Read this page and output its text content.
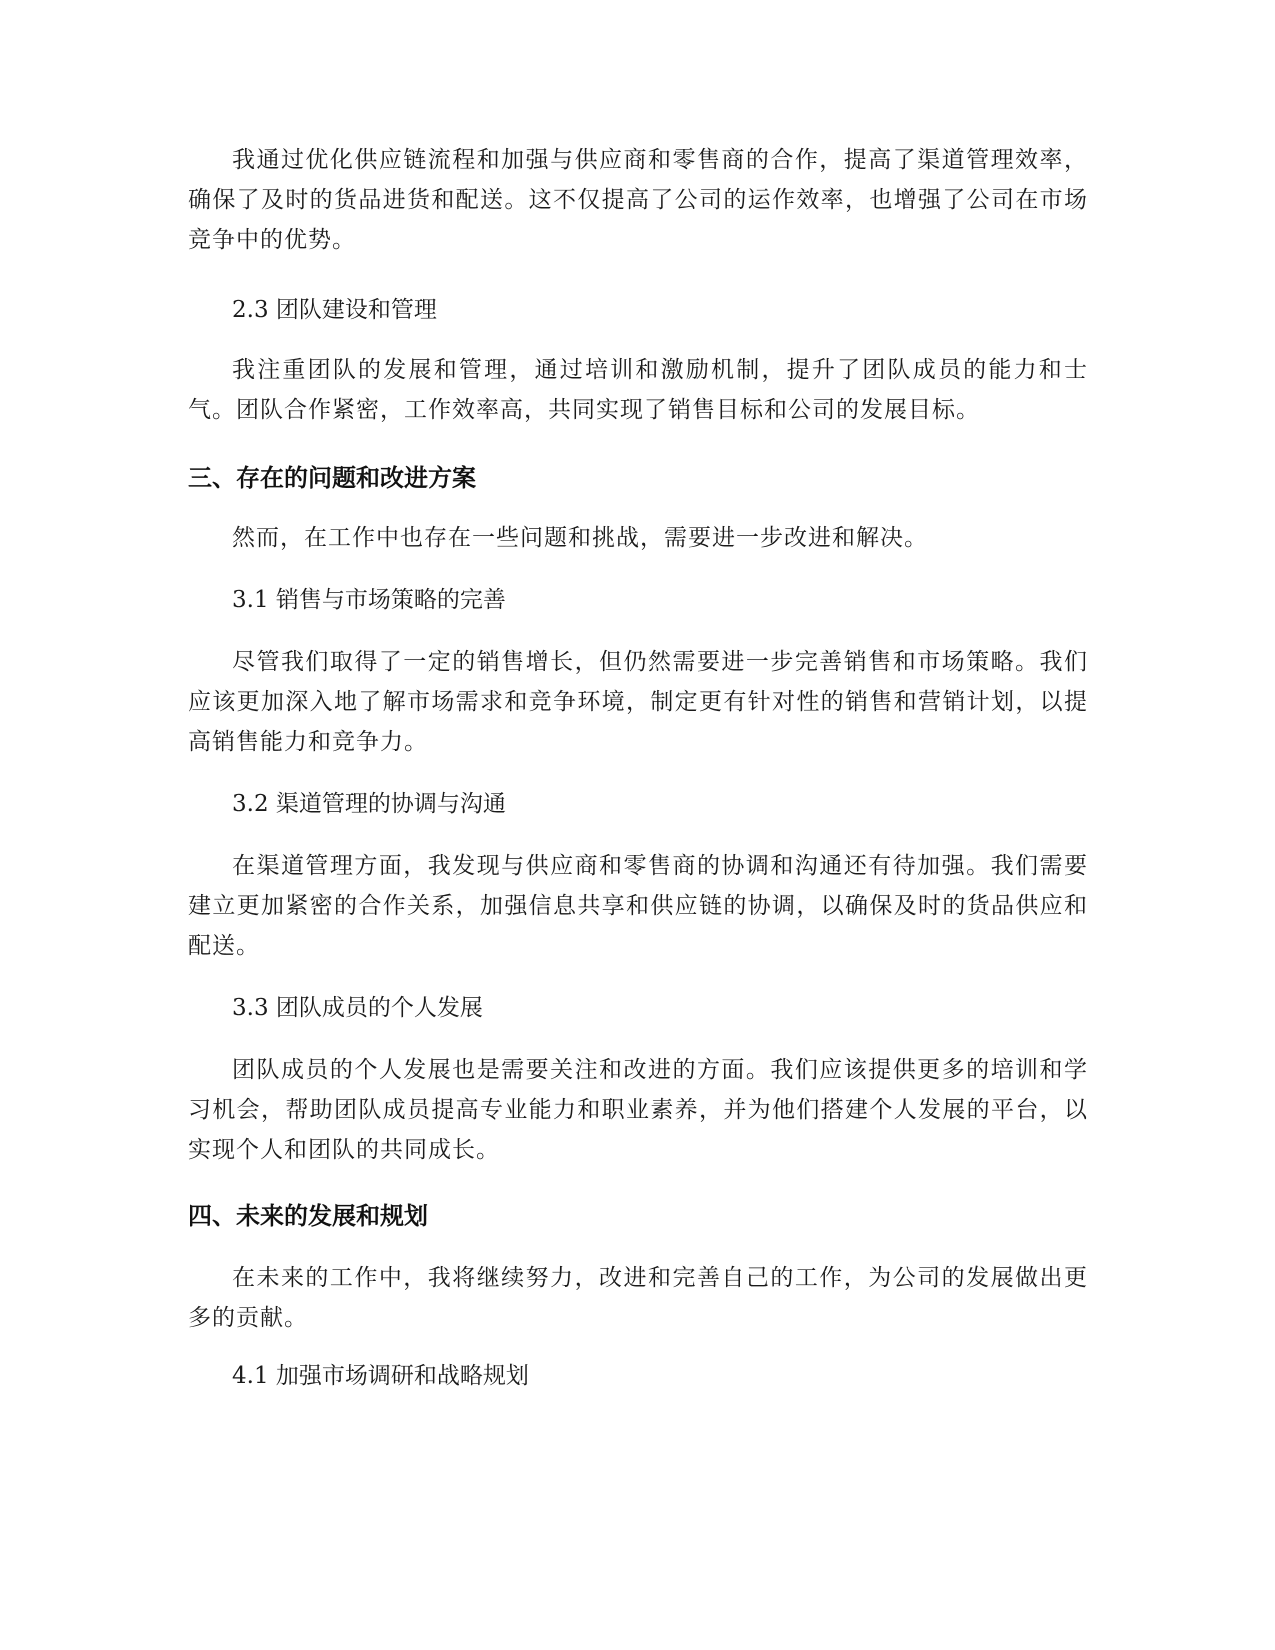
我通过优化供应链流程和加强与供应商和零售商的合作，提高了渠道管理效率，确保了及时的货品进货和配送。这不仅提高了公司的运作效率，也增强了公司在市场竞争中的优势。

2.3 团队建设和管理

我注重团队的发展和管理，通过培训和激励机制，提升了团队成员的能力和士气。团队合作紧密，工作效率高，共同实现了销售目标和公司的发展目标。

三、存在的问题和改进方案

然而，在工作中也存在一些问题和挑战，需要进一步改进和解决。

3.1 销售与市场策略的完善

尽管我们取得了一定的销售增长，但仍然需要进一步完善销售和市场策略。我们应该更加深入地了解市场需求和竞争环境，制定更有针对性的销售和营销计划，以提高销售能力和竞争力。

3.2 渠道管理的协调与沟通

在渠道管理方面，我发现与供应商和零售商的协调和沟通还有待加强。我们需要建立更加紧密的合作关系，加强信息共享和供应链的协调，以确保及时的货品供应和配送。

3.3 团队成员的个人发展

团队成员的个人发展也是需要关注和改进的方面。我们应该提供更多的培训和学习机会，帮助团队成员提高专业能力和职业素养，并为他们搭建个人发展的平台，以实现个人和团队的共同成长。

四、未来的发展和规划

在未来的工作中，我将继续努力，改进和完善自己的工作，为公司的发展做出更多的贡献。

4.1 加强市场调研和战略规划
